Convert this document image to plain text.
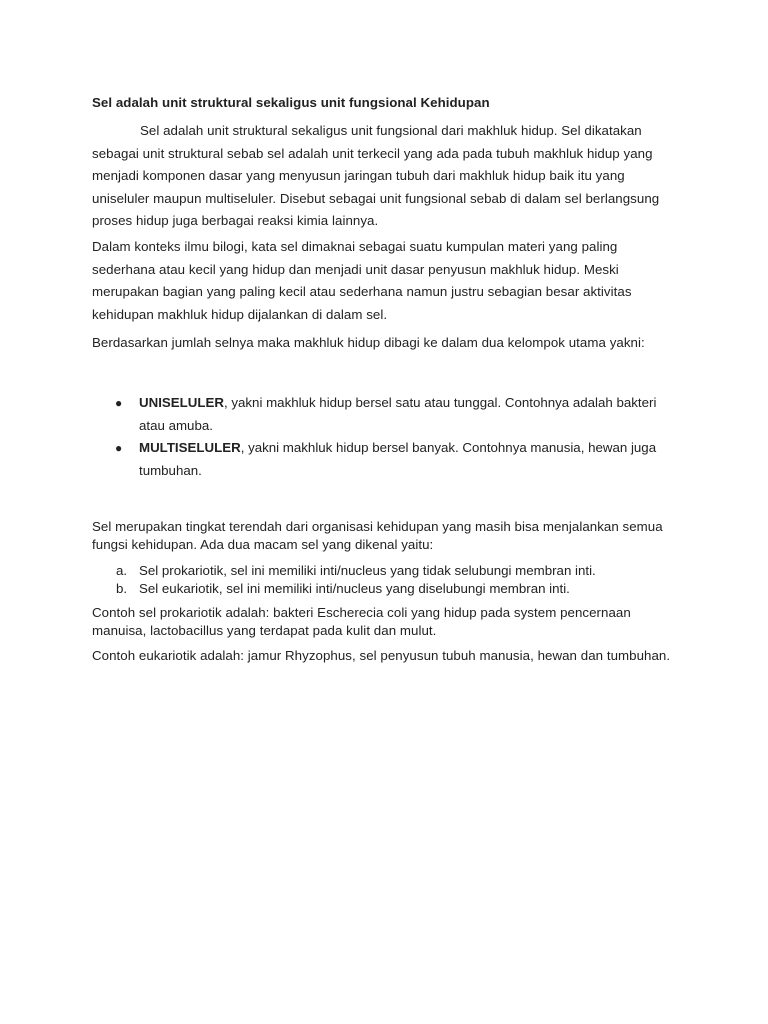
Sel adalah unit struktural sekaligus unit fungsional Kehidupan

Sel adalah unit struktural sekaligus unit fungsional dari makhluk hidup. Sel dikatakan sebagai unit struktural sebab sel adalah unit terkecil yang ada pada tubuh makhluk hidup yang menjadi komponen dasar yang menyusun jaringan tubuh dari makhluk hidup baik itu yang uniseluler maupun multiseluler. Disebut sebagai unit fungsional sebab di dalam sel berlangsung proses hidup juga berbagai reaksi kimia lainnya.

Dalam konteks ilmu bilogi, kata sel dimaknai sebagai suatu kumpulan materi yang paling sederhana atau kecil yang hidup dan menjadi unit dasar penyusun makhluk hidup. Meski merupakan bagian yang paling kecil atau sederhana namun justru sebagian besar aktivitas kehidupan makhluk hidup dijalankan di dalam sel.

Berdasarkan jumlah selnya maka makhluk hidup dibagi ke dalam dua kelompok utama yakni:

● UNISELULER, yakni makhluk hidup bersel satu atau tunggal. Contohnya adalah bakteri atau amuba.
● MULTISELULER, yakni makhluk hidup bersel banyak. Contohnya manusia, hewan juga tumbuhan.

Sel merupakan tingkat terendah dari organisasi kehidupan yang masih bisa menjalankan semua fungsi kehidupan. Ada dua macam sel yang dikenal yaitu:

a. Sel prokariotik, sel ini memiliki inti/nucleus yang tidak selubungi membran inti.
b. Sel eukariotik, sel ini memiliki inti/nucleus yang diselubungi membran inti.

Contoh sel prokariotik adalah: bakteri Escherecia coli yang hidup pada system pencernaan manuisa, lactobacillus yang terdapat pada kulit dan mulut.

Contoh eukariotik adalah: jamur Rhyzophus, sel penyusun tubuh manusia, hewan dan tumbuhan.
